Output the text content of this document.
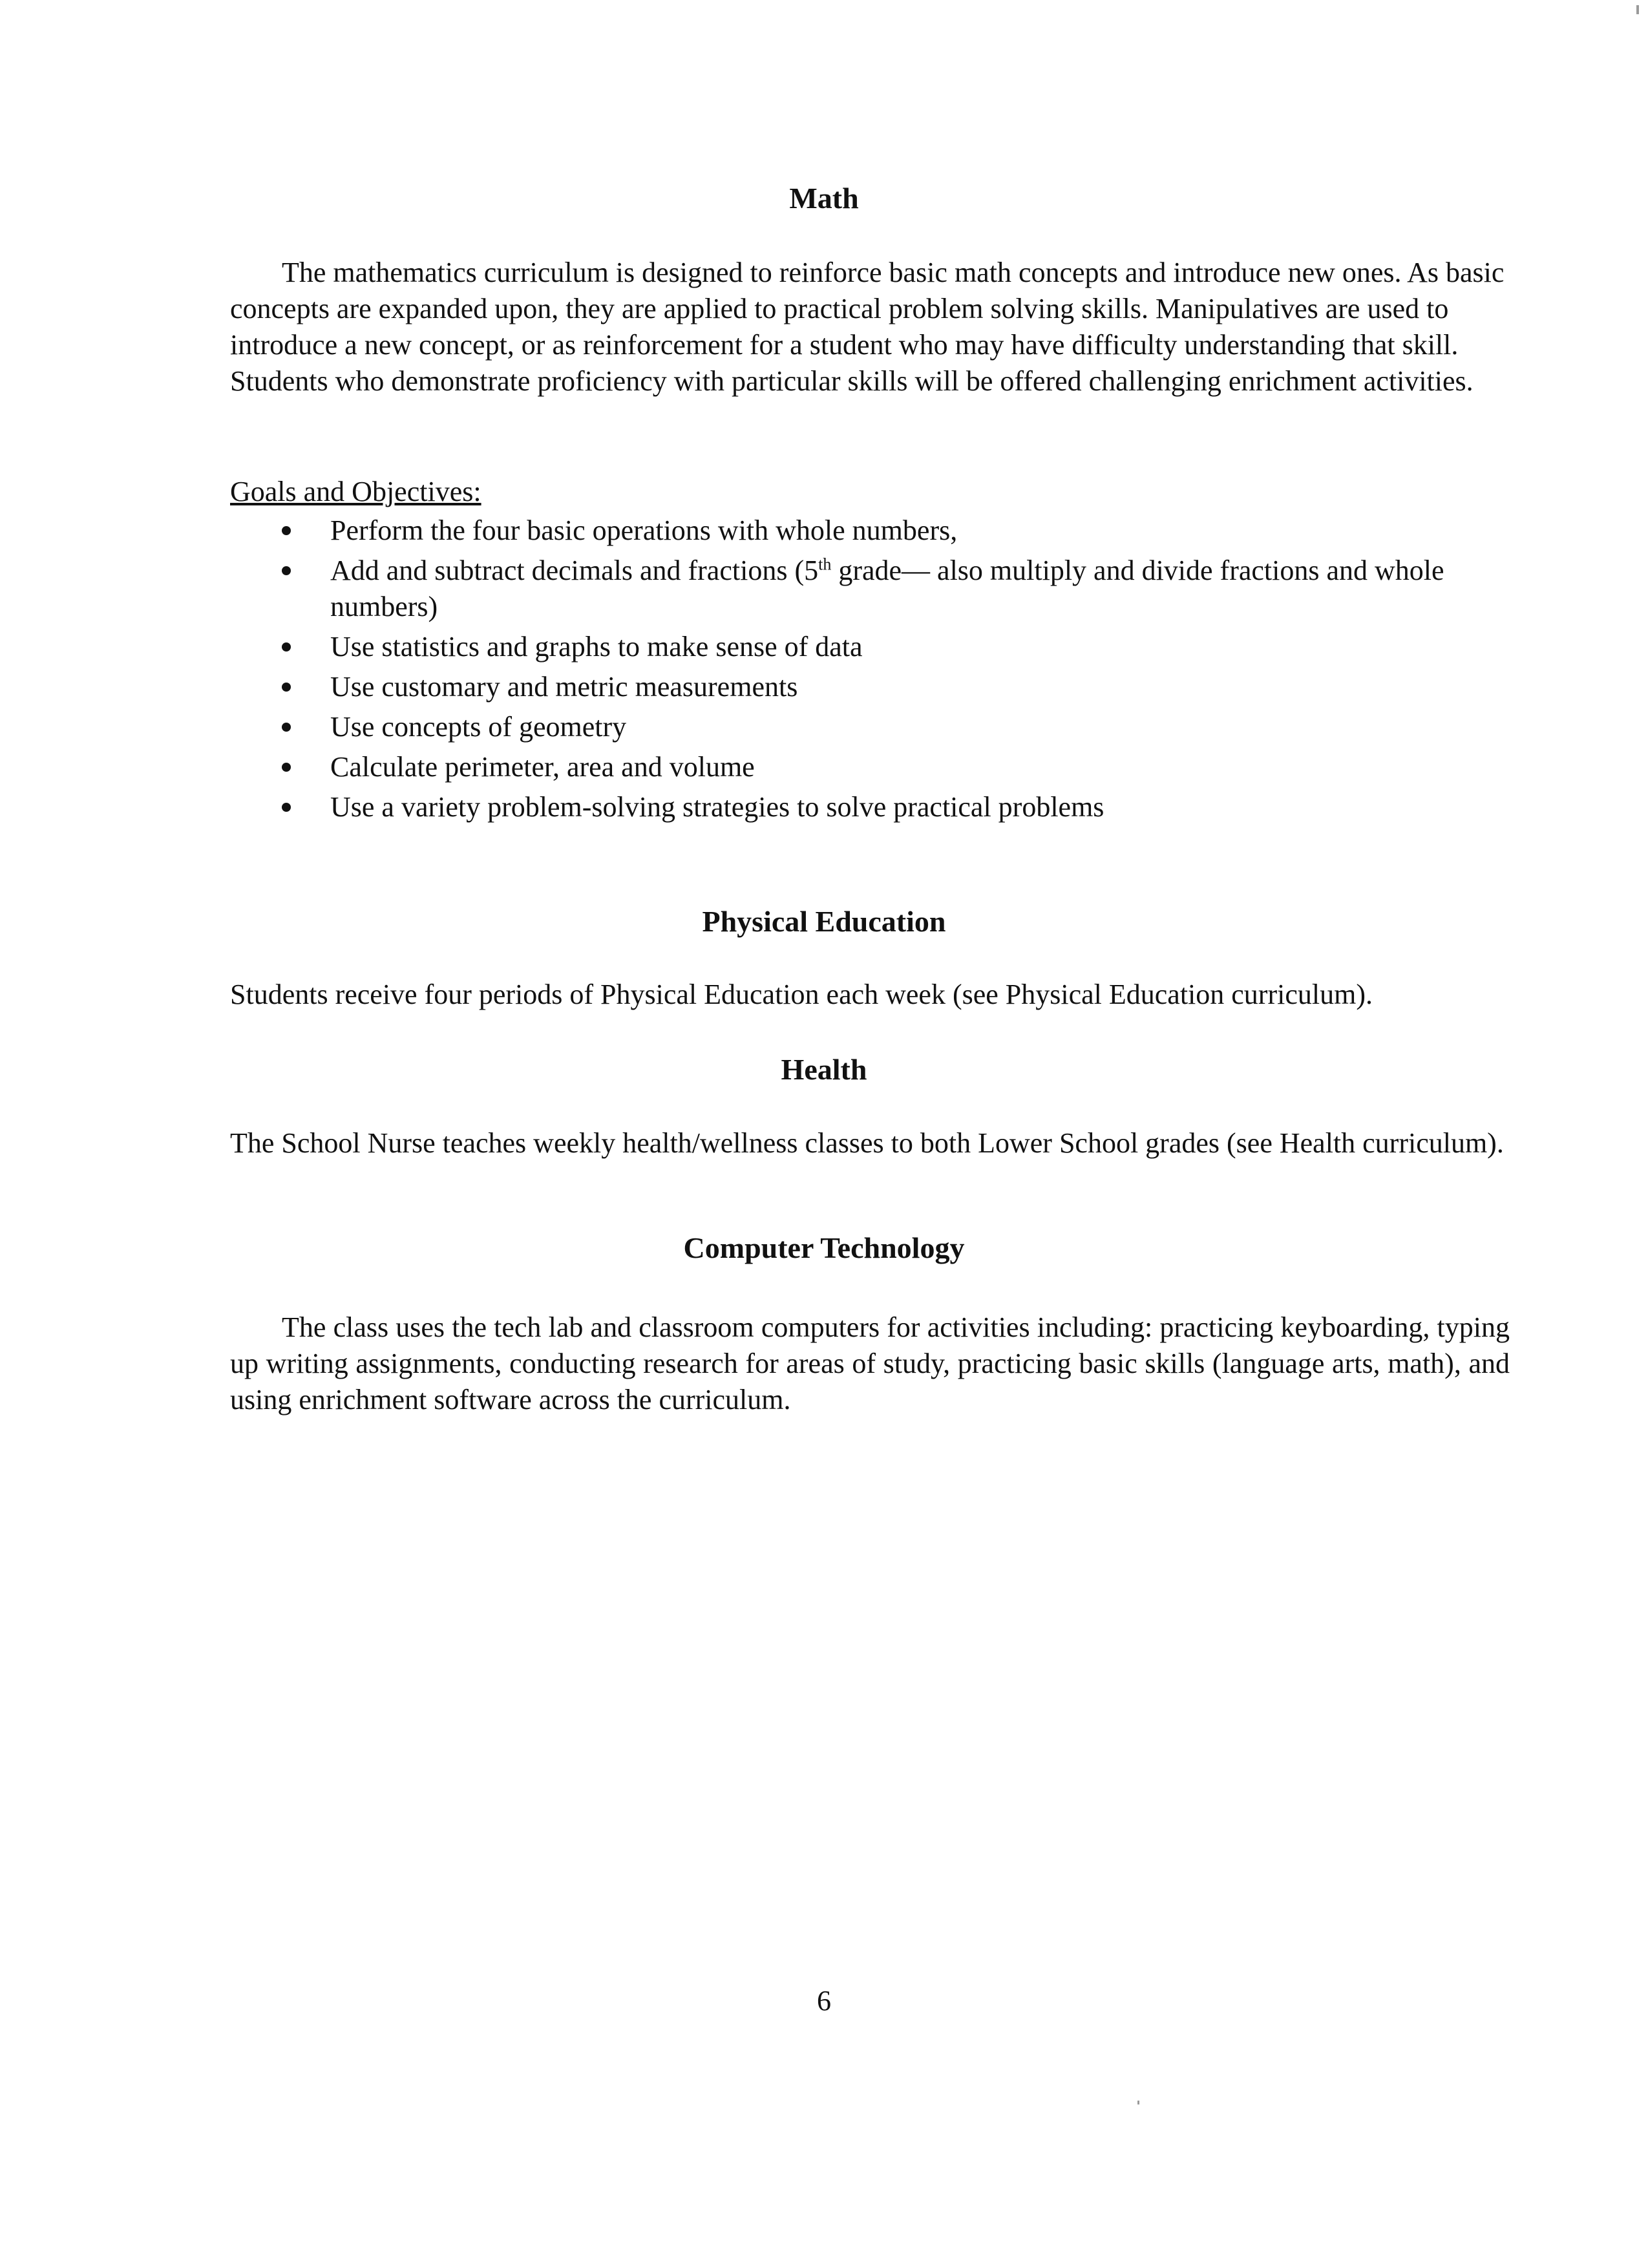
Math

The mathematics curriculum is designed to reinforce basic math concepts and introduce new ones. As basic concepts are expanded upon, they are applied to practical problem solving skills. Manipulatives are used to introduce a new concept, or as reinforcement for a student who may have difficulty understanding that skill. Students who demonstrate proficiency with particular skills will be offered challenging enrichment activities.

Goals and Objectives:

Perform the four basic operations with whole numbers,
Add and subtract decimals and fractions (5th grade— also multiply and divide fractions and whole numbers)
Use statistics and graphs to make sense of data
Use customary and metric measurements
Use concepts of geometry
Calculate perimeter, area and volume
Use a variety problem-solving strategies to solve practical problems
Physical Education

Students receive four periods of Physical Education each week (see Physical Education curriculum).

Health

The School Nurse teaches weekly health/wellness classes to both Lower School grades (see Health curriculum).

Computer Technology

The class uses the tech lab and classroom computers for activities including: practicing keyboarding, typing up writing assignments, conducting research for areas of study, practicing basic skills (language arts, math), and using enrichment software across the curriculum.

6
